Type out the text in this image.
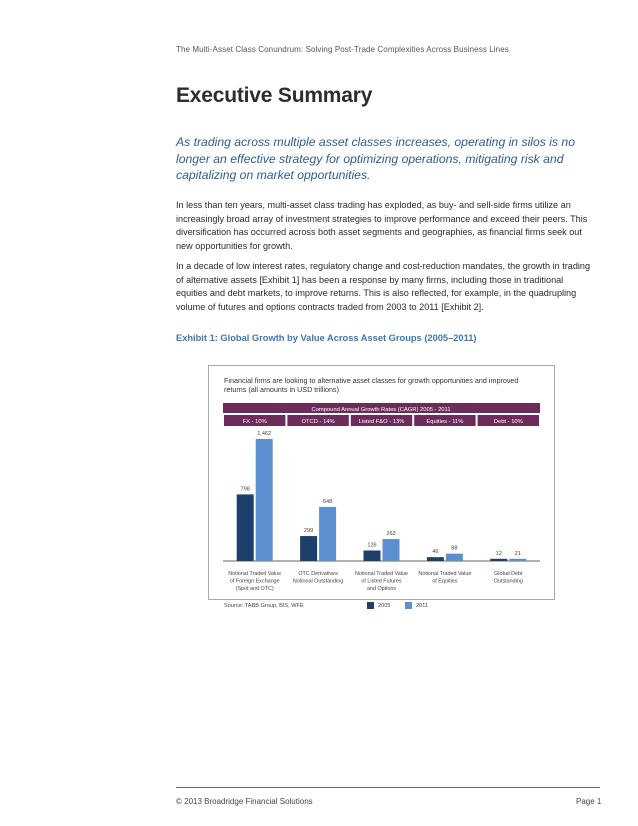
The Multi-Asset Class Conundrum: Solving Post-Trade Complexities Across Business Lines
Executive Summary
As trading across multiple asset classes increases, operating in silos is no longer an effective strategy for optimizing operations, mitigating risk and capitalizing on market opportunities.
In less than ten years, multi-asset class trading has exploded, as buy- and sell-side firms utilize an increasingly broad array of investment strategies to improve performance and exceed their peers. This diversification has occurred across both asset segments and geographies, as financial firms seek out new opportunities for growth.
In a decade of low interest rates, regulatory change and cost-reduction mandates, the growth in trading of alternative assets [Exhibit 1] has been a response by many firms, including those in traditional equities and debt markets, to improve returns. This is also reflected, for example, in the quadrupling volume of futures and options contracts traded from 2003 to 2011 [Exhibit 2].
Exhibit 1: Global Growth by Value Across Asset Groups (2005–2011)
Financial firms are looking to alternative asset classes for growth opportunities and improved returns (all amounts in USD trillions)
Compound Annual Growth Rates (CAGR) 2005 - 2011
FX - 10%	OTCD - 14%	Listed F&O - 13%	Equities - 11%	Debt - 10%
798
1,462
Notional Traded Value
of Foreign Exchange
(Spot and OTC)
299
648
OTC Derivatives
Notional Outstanding
126
263
Notional Traded Value
of Listed Futures
and Options
46
88
Notional Traded Value
of Equities
12 21
Global Debt
Outstanding
Source: TABB Group, BIS, WFE	2005	2011
© 2013 Broadridge Financial Solutions	Page 1
